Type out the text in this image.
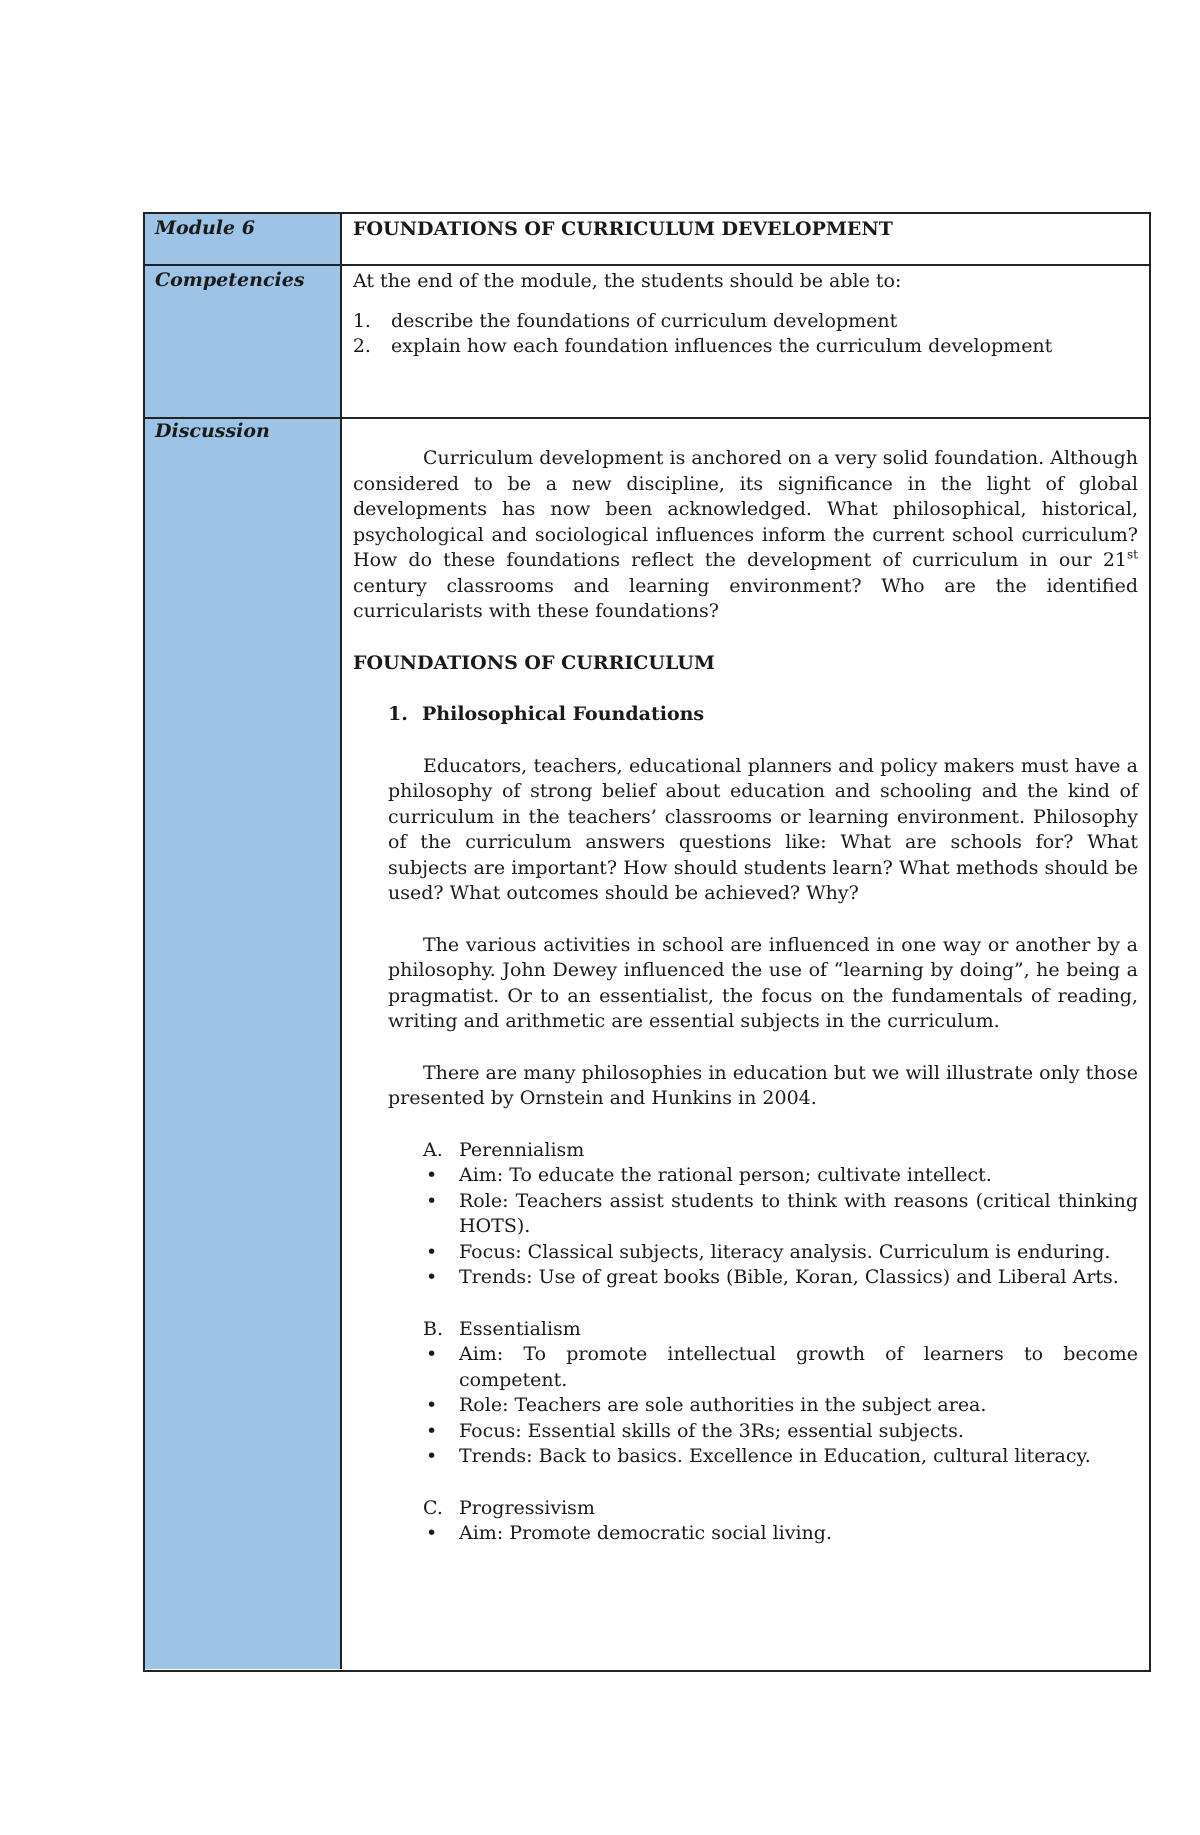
Module 6	FOUNDATIONS OF CURRICULUM DEVELOPMENT
Competencies	At the end of the module, the students should be able to:

1. describe the foundations of curriculum development
2. explain how each foundation influences the curriculum development
Discussion

Curriculum development is anchored on a very solid foundation. Although considered to be a new discipline, its significance in the light of global developments has now been acknowledged. What philosophical, historical, psychological and sociological influences inform the current school curriculum? How do these foundations reflect the development of curriculum in our 21st century classrooms and learning environment? Who are the identified curricularists with these foundations?

FOUNDATIONS OF CURRICULUM

1. Philosophical Foundations

Educators, teachers, educational planners and policy makers must have a philosophy of strong belief about education and schooling and the kind of curriculum in the teachers’ classrooms or learning environment. Philosophy of the curriculum answers questions like: What are schools for? What subjects are important? How should students learn? What methods should be used? What outcomes should be achieved? Why?

The various activities in school are influenced in one way or another by a philosophy. John Dewey influenced the use of “learning by doing”, he being a pragmatist. Or to an essentialist, the focus on the fundamentals of reading, writing and arithmetic are essential subjects in the curriculum.

There are many philosophies in education but we will illustrate only those presented by Ornstein and Hunkins in 2004.

A. Perennialism

• Aim: To educate the rational person; cultivate intellect.
• Role: Teachers assist students to think with reasons (critical thinking HOTS).
• Focus: Classical subjects, literacy analysis. Curriculum is enduring.
• Trends: Use of great books (Bible, Koran, Classics) and Liberal Arts.

B. Essentialism

• Aim: To promote intellectual growth of learners to become competent.
• Role: Teachers are sole authorities in the subject area.
• Focus: Essential skills of the 3Rs; essential subjects.
• Trends: Back to basics. Excellence in Education, cultural literacy.

C. Progressivism

• Aim: Promote democratic social living.
